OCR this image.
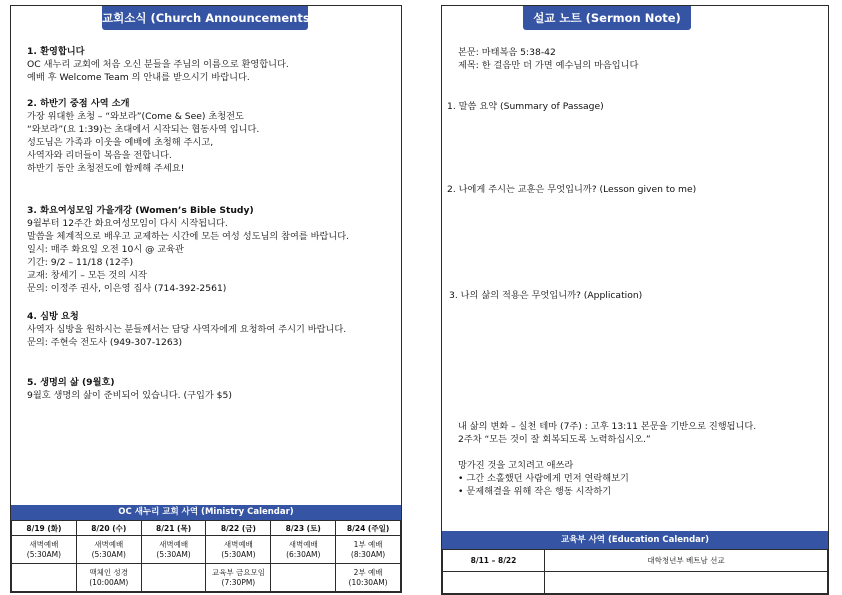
교회소식 (Church Announcements)
1. 환영합니다
OC 새누리 교회에 처음 오신 분들을 주님의 이름으로 환영합니다.
예배 후 Welcome Team 의 안내를 받으시기 바랍니다.
2. 하반기 중점 사역 소개
가장 위대한 초청 – “와보라”(Come & See) 초청전도
“와보라”(요 1:39)는 초대에서 시작되는 협동사역 입니다.
성도님은 가족과 이웃을 예배에 초청해 주시고,
사역자와 리더들이 복음을 전합니다.
하반기 동안 초청전도에 함께해 주세요!
3. 화요여성모임 가을개강 (Women’s Bible Study)
9월부터 12주간 화요여성모임이 다시 시작됩니다.
말씀을 체계적으로 배우고 교제하는 시간에 모든 여성 성도님의 참여를 바랍니다.
일시: 매주 화요일 오전 10시 @ 교육관
기간: 9/2 – 11/18 (12주)
교재: 창세기 – 모든 것의 시작
문의: 이정주 권사, 이은영 집사 (714-392-2561)
4. 심방 요청
사역자 심방을 원하시는 분들께서는 담당 사역자에게 요청하여 주시기 바랍니다.
문의: 주현숙 전도사 (949-307-1263)
5. 생명의 삶 (9월호)
9월호 생명의 삶이 준비되어 있습니다. (구입가 $5)
OC 새누리 교회 사역 (Ministry Calendar)
8/19 (화)	8/20 (수)	8/21 (목)	8/22 (금)	8/23 (토)	8/24 (주일)
새벽예배
(5:30AM)	새벽예배
(5:30AM)	새벽예배
(5:30AM)	새벽예배
(5:30AM)	새벽예배
(6:30AM)	1부 예배
(8:30AM)
	맥체인 성경
(10:00AM)		교육부 금요모임
(7:30PM)		2부 예배
(10:30AM)
설교 노트 (Sermon Note)
본문: 마태복음 5:38-42
제목: 한 걸음만 더 가면 예수님의 마음입니다
1. 말씀 요약 (Summary of Passage)
2. 나에게 주시는 교훈은 무엇입니까? (Lesson given to me)
3. 나의 삶의 적용은 무엇입니까? (Application)
내 삶의 변화 – 실천 테마 (7주) : 고후 13:11 본문을 기반으로 진행됩니다.
2주차 “모든 것이 잘 회복되도록 노력하십시오.”
망가진 것을 고치려고 애쓰라
• 그간 소홀했던 사람에게 먼저 연락해보기
• 문제해결을 위해 작은 행동 시작하기
교육부 사역 (Education Calendar)
8/11 – 8/22	대학청년부 베트남 선교
